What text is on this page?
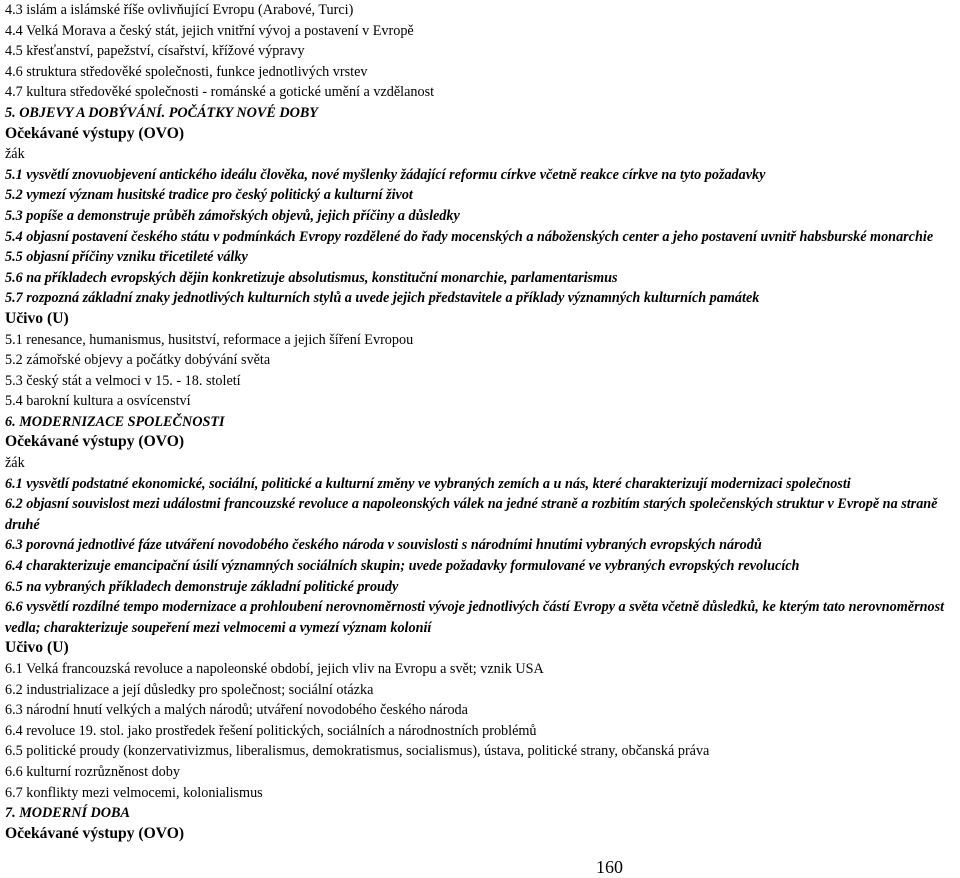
4.3 islám a islámské říše ovlivňující Evropu (Arabové, Turci)
4.4 Velká Morava a český stát, jejich vnitřní vývoj a postavení v Evropě
4.5 křesťanství, papežství, císařství, křížové výpravy
4.6 struktura středověké společnosti, funkce jednotlivých vrstev
4.7 kultura středověké společnosti - románské a gotické umění a vzdělanost
5. OBJEVY A DOBÝVÁNÍ. POČÁTKY NOVÉ DOBY
Očekávané výstupy (OVO)
žák
5.1 vysvětlí znovuobjevení antického ideálu člověka, nové myšlenky žádající reformu církve včetně reakce církve na tyto požadavky
5.2 vymezí význam husitské tradice pro český politický a kulturní život
5.3 popíše a demonstruje průběh zámořských objevů, jejich příčiny a důsledky
5.4 objasní postavení českého státu v podmínkách Evropy rozdělené do řady mocenských a náboženských center a jeho postavení uvnitř habsburské monarchie
5.5 objasní příčiny vzniku třicetileté války
5.6 na příkladech evropských dějin konkretizuje absolutismus, konstituční monarchie, parlamentarismus
5.7 rozpozná základní znaky jednotlivých kulturních stylů a uvede jejich představitele a příklady významných kulturních památek
Učivo (U)
5.1 renesance, humanismus, husitství, reformace a jejich šíření Evropou
5.2 zámořské objevy a počátky dobývání světa
5.3 český stát a velmoci v 15. - 18. století
5.4 barokní kultura a osvícenství
6. MODERNIZACE SPOLEČNOSTI
Očekávané výstupy (OVO)
žák
6.1 vysvětlí podstatné ekonomické, sociální, politické a kulturní změny ve vybraných zemích a u nás, které charakterizují modernizaci společnosti
6.2 objasní souvislost mezi událostmi francouzské revoluce a napoleonských válek na jedné straně a rozbitím starých společenských struktur v Evropě na straně druhé
6.3 porovná jednotlivé fáze utváření novodobého českého národa v souvislosti s národními hnutími vybraných evropských národů
6.4 charakterizuje emancipační úsilí významných sociálních skupin; uvede požadavky formulované ve vybraných evropských revolucích
6.5 na vybraných příkladech demonstruje základní politické proudy
6.6 vysvětlí rozdílné tempo modernizace a prohloubení nerovnoměrnosti vývoje jednotlivých částí Evropy a světa včetně důsledků, ke kterým tato nerovnoměrnost vedla; charakterizuje soupeření mezi velmocemi a vymezí význam kolonií
Učivo (U)
6.1 Velká francouzská revoluce a napoleonské období, jejich vliv na Evropu a svět; vznik USA
6.2 industrializace a její důsledky pro společnost; sociální otázka
6.3 národní hnutí velkých a malých národů; utváření novodobého českého národa
6.4 revoluce 19. stol. jako prostředek řešení politických, sociálních a národnostních problémů
6.5 politické proudy (konzervativizmus, liberalismus, demokratismus, socialismus), ústava, politické strany, občanská práva
6.6 kulturní rozrůzněnost doby
6.7 konflikty mezi velmocemi, kolonialismus
7. MODERNÍ DOBA
Očekávané výstupy (OVO)
160
